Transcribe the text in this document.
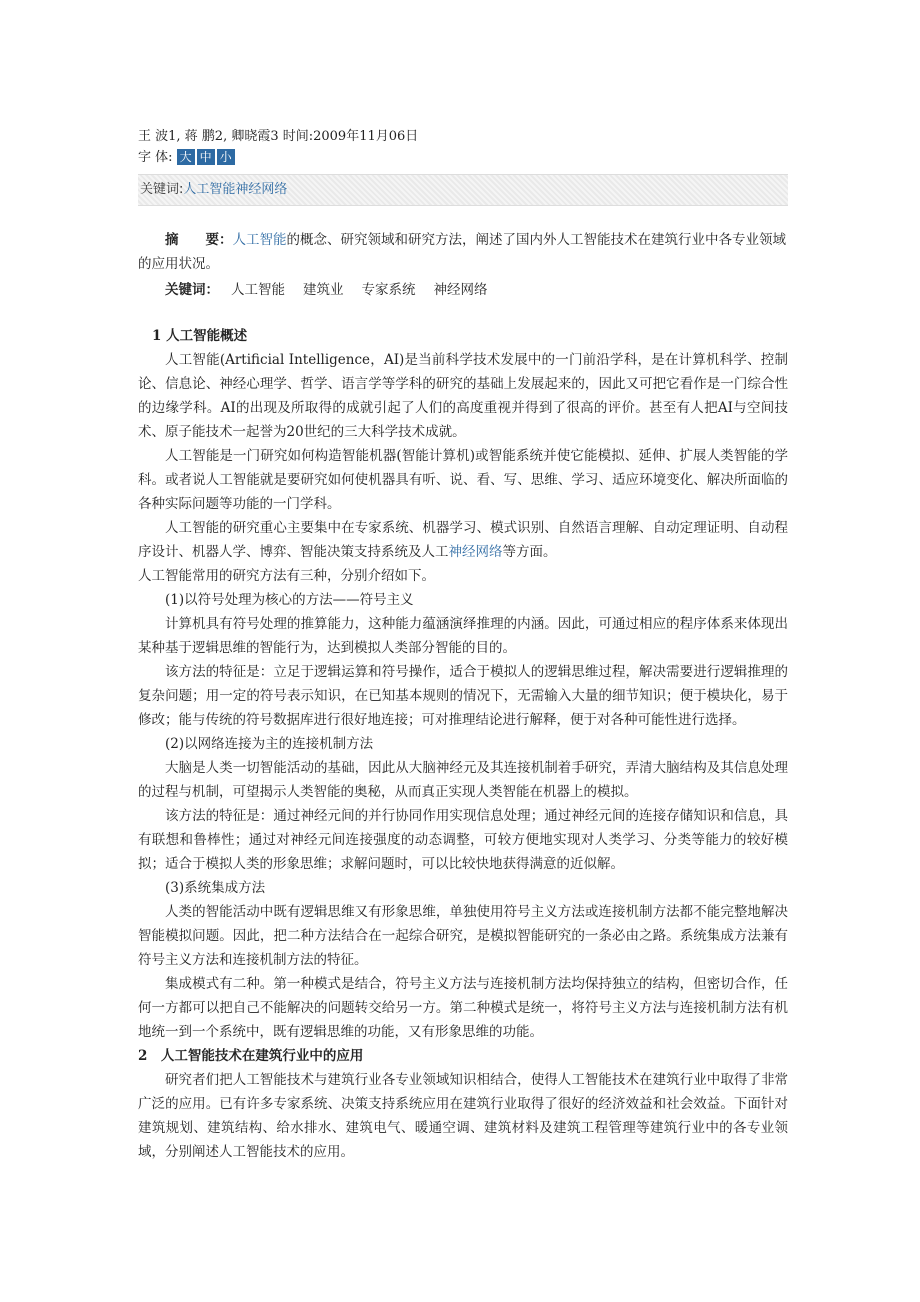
王 波1, 蒋 鹏2, 卿晓霞3 时间:2009年11月06日
字 体: 大 中 小
关键词:人工智能神经网络
摘　　要：人工智能的概念、研究领域和研究方法，阐述了国内外人工智能技术在建筑行业中各专业领域的应用状况。
关键词： 人工智能 建筑业 专家系统 神经网络
1 人工智能概述

人工智能(Artificial Intelligence，AI)是当前科学技术发展中的一门前沿学科，是在计算机科学、控制论、信息论、神经心理学、哲学、语言学等学科的研究的基础上发展起来的，因此又可把它看作是一门综合性的边缘学科。AI的出现及所取得的成就引起了人们的高度重视并得到了很高的评价。甚至有人把AI与空间技术、原子能技术一起誉为20世纪的三大科学技术成就。

人工智能是一门研究如何构造智能机器(智能计算机)或智能系统并使它能模拟、延伸、扩展人类智能的学科。或者说人工智能就是要研究如何使机器具有听、说、看、写、思维、学习、适应环境变化、解决所面临的各种实际问题等功能的一门学科。

人工智能的研究重心主要集中在专家系统、机器学习、模式识别、自然语言理解、自动定理证明、自动程序设计、机器人学、博弈、智能决策支持系统及人工神经网络等方面。

人工智能常用的研究方法有三种，分别介绍如下。

(1)以符号处理为核心的方法——符号主义

计算机具有符号处理的推算能力，这种能力蕴涵演绎推理的内涵。因此，可通过相应的程序体系来体现出某种基于逻辑思维的智能行为，达到模拟人类部分智能的目的。

该方法的特征是：立足于逻辑运算和符号操作，适合于模拟人的逻辑思维过程，解决需要进行逻辑推理的复杂问题；用一定的符号表示知识，在已知基本规则的情况下，无需输入大量的细节知识；便于模块化，易于修改；能与传统的符号数据库进行很好地连接；可对推理结论进行解释，便于对各种可能性进行选择。

(2)以网络连接为主的连接机制方法

大脑是人类一切智能活动的基础，因此从大脑神经元及其连接机制着手研究，弄清大脑结构及其信息处理的过程与机制，可望揭示人类智能的奥秘，从而真正实现人类智能在机器上的模拟。

该方法的特征是：通过神经元间的并行协同作用实现信息处理；通过神经元间的连接存储知识和信息，具有联想和鲁棒性；通过对神经元间连接强度的动态调整，可较方便地实现对人类学习、分类等能力的较好模拟；适合于模拟人类的形象思维；求解问题时，可以比较快地获得满意的近似解。

(3)系统集成方法

人类的智能活动中既有逻辑思维又有形象思维，单独使用符号主义方法或连接机制方法都不能完整地解决智能模拟问题。因此，把二种方法结合在一起综合研究，是模拟智能研究的一条必由之路。系统集成方法兼有符号主义方法和连接机制方法的特征。

集成模式有二种。第一种模式是结合，符号主义方法与连接机制方法均保持独立的结构，但密切合作，任何一方都可以把自己不能解决的问题转交给另一方。第二种模式是统一，将符号主义方法与连接机制方法有机地统一到一个系统中，既有逻辑思维的功能，又有形象思维的功能。

2　人工智能技术在建筑行业中的应用

研究者们把人工智能技术与建筑行业各专业领域知识相结合，使得人工智能技术在建筑行业中取得了非常广泛的应用。已有许多专家系统、决策支持系统应用在建筑行业取得了很好的经济效益和社会效益。下面针对建筑规划、建筑结构、给水排水、建筑电气、暖通空调、建筑材料及建筑工程管理等建筑行业中的各专业领域，分别阐述人工智能技术的应用。
